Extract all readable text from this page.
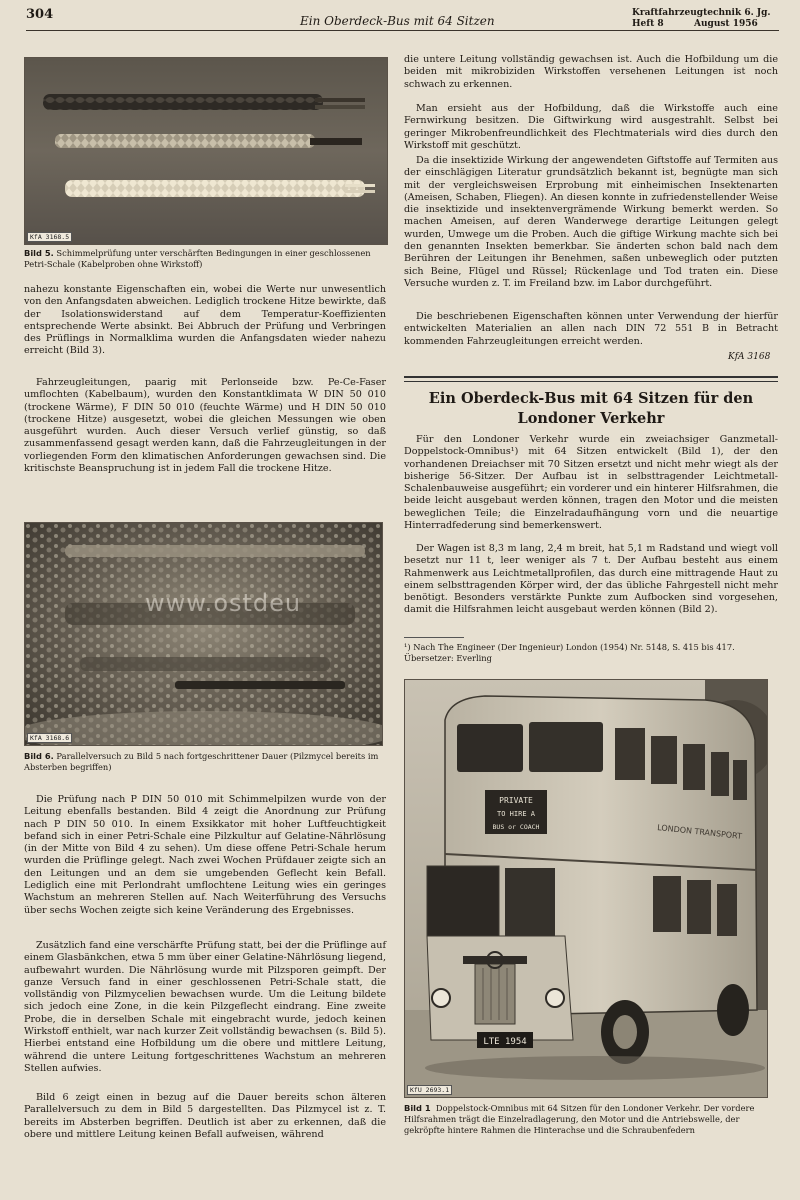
304	Ein Oberdeck-Bus mit 64 Sitzen
Kraftfahrzeugtechnik 6. Jg.
Heft 8	August 1956
KfA 3168.5

Bild 5. Schimmelprüfung unter verschärften Bedingungen in einer geschlossenen Petri-Schale (Kabelproben ohne Wirkstoff)

nahezu konstante Eigenschaften ein, wobei die Werte nur unwesentlich von den Anfangsdaten abweichen. Lediglich trockene Hitze bewirkte, daß der Isolationswiderstand auf dem Temperatur-Koeffizienten entsprechende Werte absinkt. Bei Abbruch der Prüfung und Verbringen des Prüflings in Normalklima wurden die Anfangsdaten wieder nahezu erreicht (Bild 3).

Fahrzeugleitungen, paarig mit Perlonseide bzw. Pe-Ce-Faser umflochten (Kabelbaum), wurden den Konstantklimata W DIN 50 010 (trockene Wärme), F DIN 50 010 (feuchte Wärme) und H DIN 50 010 (trockene Hitze) ausgesetzt, wobei die gleichen Messungen wie oben ausgeführt wurden. Auch dieser Versuch verlief günstig, so daß zusammenfassend gesagt werden kann, daß die Fahrzeugleitungen in der vorliegenden Form den klimatischen Anforderungen gewachsen sind. Die kritischste Beanspruchung ist in jedem Fall die trockene Hitze.

www.ostdeu
KfA 3168.6

Bild 6. Parallelversuch zu Bild 5 nach fortgeschrittener Dauer (Pilzmycel bereits im Absterben begriffen)

Die Prüfung nach P DIN 50 010 mit Schimmelpilzen wurde von der Leitung ebenfalls bestanden. Bild 4 zeigt die Anordnung zur Prüfung nach P DIN 50 010. In einem Exsikkator mit hoher Luftfeuchtigkeit befand sich in einer Petri-Schale eine Pilzkultur auf Gelatine-Nährlösung (in der Mitte von Bild 4 zu sehen). Um diese offene Petri-Schale herum wurden die Prüflinge gelegt. Nach zwei Wochen Prüfdauer zeigte sich an den Leitungen und an dem sie umgebenden Geflecht kein Befall. Lediglich eine mit Perlondraht umflochtene Leitung wies ein geringes Wachstum an mehreren Stellen auf. Nach Weiterführung des Versuchs über sechs Wochen zeigte sich keine Veränderung des Ergebnisses.

Zusätzlich fand eine verschärfte Prüfung statt, bei der die Prüflinge auf einem Glasbänkchen, etwa 5 mm über einer Gelatine-Nährlösung liegend, aufbewahrt wurden. Die Nährlösung wurde mit Pilzsporen geimpft. Der ganze Versuch fand in einer geschlossenen Petri-Schale statt, die vollständig von Pilzmycelien bewachsen wurde. Um die Leitung bildete sich jedoch eine Zone, in die kein Pilzgeflecht eindrang. Eine zweite Probe, die in derselben Schale mit eingebracht wurde, jedoch keinen Wirkstoff enthielt, war nach kurzer Zeit vollständig bewachsen (s. Bild 5). Hierbei entstand eine Hofbildung um die obere und mittlere Leitung, während die untere Leitung fortgeschrittenes Wachstum an mehreren Stellen aufwies.

Bild 6 zeigt einen in bezug auf die Dauer bereits schon älteren Parallelversuch zu dem in Bild 5 dargestellten. Das Pilzmycel ist z. T. bereits im Absterben begriffen. Deutlich ist aber zu erkennen, daß die obere und mittlere Leitung keinen Befall aufweisen, während

die untere Leitung vollständig gewachsen ist. Auch die Hofbildung um die beiden mit mikrobiziden Wirkstoffen versehenen Leitungen ist noch schwach zu erkennen.

Man ersieht aus der Hofbildung, daß die Wirkstoffe auch eine Fernwirkung besitzen. Die Giftwirkung wird ausgestrahlt. Selbst bei geringer Mikrobenfreundlichkeit des Flechtmaterials wird dies durch den Wirkstoff mit geschützt.

Da die insektizide Wirkung der angewendeten Giftstoffe auf Termiten aus der einschlägigen Literatur grundsätzlich bekannt ist, begnügte man sich mit der vergleichsweisen Erprobung mit einheimischen Insektenarten (Ameisen, Schaben, Fliegen). An diesen konnte in zufriedenstellender Weise die insektizide und insektenvergrämende Wirkung bemerkt werden. So machen Ameisen, auf deren Wanderwege derartige Leitungen gelegt wurden, Umwege um die Proben. Auch die giftige Wirkung machte sich bei den genannten Insekten bemerkbar. Sie änderten schon bald nach dem Berühren der Leitungen ihr Benehmen, saßen unbeweglich oder putzten sich Beine, Flügel und Rüssel; Rückenlage und Tod traten ein. Diese Versuche wurden z. T. im Freiland bzw. im Labor durchgeführt.

Die beschriebenen Eigenschaften können unter Verwendung der hierfür entwickelten Materialien an allen nach DIN 72 551 B in Betracht kommenden Fahrzeugleitungen erreicht werden.

KfA 3168
Ein Oberdeck-Bus mit 64 Sitzen für den
Londoner Verkehr

Für den Londoner Verkehr wurde ein zweiachsiger Ganzmetall-Doppelstock-Omnibus¹) mit 64 Sitzen entwickelt (Bild 1), der den vorhandenen Dreiachser mit 70 Sitzen ersetzt und nicht mehr wiegt als der bisherige 56-Sitzer. Der Aufbau ist in selbsttragender Leichtmetall-Schalenbauweise ausgeführt; ein vorderer und ein hinterer Hilfsrahmen, die beide leicht ausgebaut werden können, tragen den Motor und die meisten beweglichen Teile; die Einzelradaufhängung vorn und die neuartige Hinterradfederung sind bemerkenswert.

Der Wagen ist 8,3 m lang, 2,4 m breit, hat 5,1 m Radstand und wiegt voll besetzt nur 11 t, leer weniger als 7 t. Der Aufbau besteht aus einem Rahmenwerk aus Leichtmetallprofilen, das durch eine mittragende Haut zu einem selbsttragenden Körper wird, der das übliche Fahrgestell nicht mehr benötigt. Besonders verstärkte Punkte zum Aufbocken sind vorgesehen, damit die Hilfsrahmen leicht ausgebaut werden können (Bild 2).

¹) Nach The Engineer (Der Ingenieur) London (1954) Nr. 5148, S. 415 bis 417. Übersetzer: Everling

PRIVATE
TO HIRE A
BUS or COACH	LONDON TRANSPORT
LTE 1954
KfU 2693.1

Bild 1 Doppelstock-Omnibus mit 64 Sitzen für den Londoner Verkehr. Der vordere Hilfsrahmen trägt die Einzelradlagerung, den Motor und die Antriebswelle, der gekröpfte hintere Rahmen die Hinterachse und die Schraubenfedern
